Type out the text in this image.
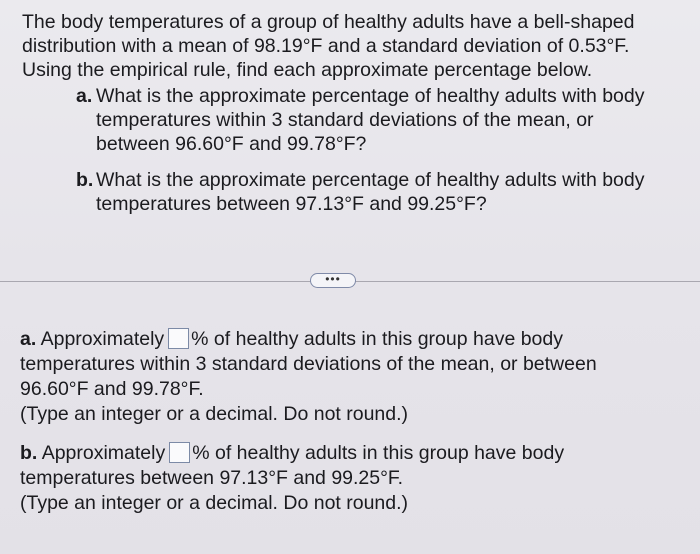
The body temperatures of a group of healthy adults have a bell-shaped
distribution with a mean of 98.19°F and a standard deviation of 0.53°F.
Using the empirical rule, find each approximate percentage below.

a. What is the approximate percentage of healthy adults with body
temperatures within 3 standard deviations of the mean, or
between 96.60°F and 99.78°F?
b. What is the approximate percentage of healthy adults with body
temperatures between 97.13°F and 99.25°F?
•••

a. Approximately % of healthy adults in this group have body
temperatures within 3 standard deviations of the mean, or between
96.60°F and 99.78°F.
(Type an integer or a decimal. Do not round.)

b. Approximately % of healthy adults in this group have body
temperatures between 97.13°F and 99.25°F.
(Type an integer or a decimal. Do not round.)
